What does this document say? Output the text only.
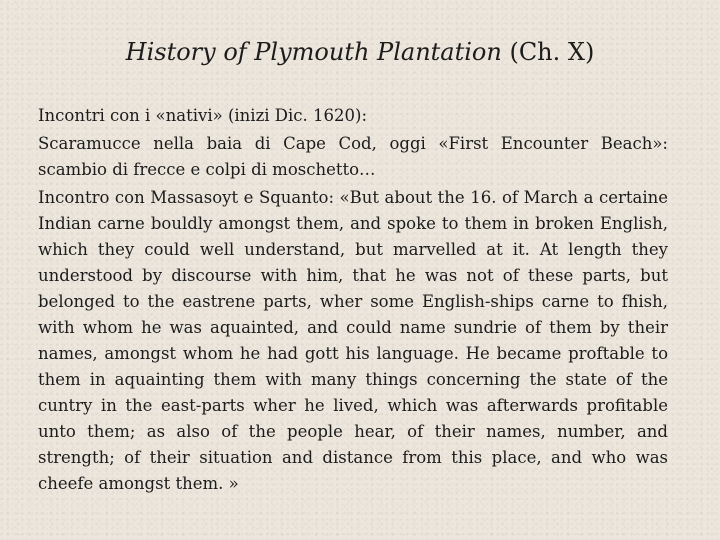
History of Plymouth Plantation (Ch. X)

Incontri con i «nativi» (inizi Dic. 1620):

Scaramucce nella baia di Cape Cod, oggi «First Encounter Beach»: scambio di frecce e colpi di moschetto…

Incontro con Massasoyt e Squanto: «But about the 16. of March a certaine Indian carne bouldly amongst them, and spoke to them in broken English, which they could well understand, but marvelled at it. At length they understood by discourse with him, that he was not of these parts, but belonged to the eastrene parts, wher some English-ships carne to fhish, with whom he was aquainted, and could name sundrie of them by their names, amongst whom he had gott his language. He became proftable to them in aquainting them with many things concerning the state of the cuntry in the east-parts wher he lived, which was afterwards profitable unto them; as also of the people hear, of their names, number, and strength; of their situation and distance from this place, and who was cheefe amongst them. »
